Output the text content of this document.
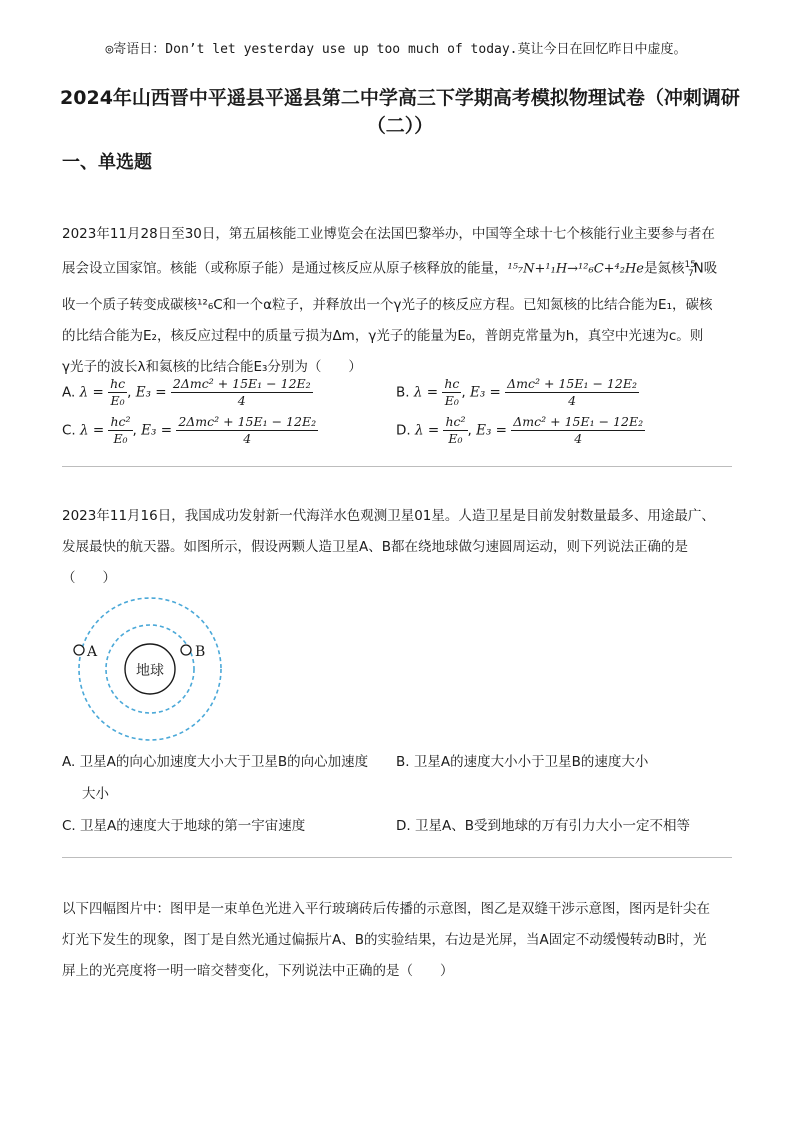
◎寄语日：Don’t let yesterday use up too much of today.莫让今日在回忆昨日中虚度。
2024年山西晋中平遥县平遥县第二中学高三下学期高考模拟物理试卷（冲刺调研（二））
一、单选题
2023年11月28日至30日，第五届核能工业博览会在法国巴黎举办，中国等全球十七个核能行业主要参与者在
展会设立国家馆。核能（或称原子能）是通过核反应从原子核释放的能量，¹⁵₇N+¹₁H→¹²₆C+⁴₂He是氮核$^{15}_7$N吸
收一个质子转变成碳核¹²₆C和一个α粒子，并释放出一个γ光子的核反应方程。已知氮核的比结合能为E₁，碳核
的比结合能为E₂，核反应过程中的质量亏损为Δm，γ光子的能量为E₀，普朗克常量为h，真空中光速为c。则
γ光子的波长λ和氦核的比结合能E₃分别为（　　）
A. $\lambda = \frac{hc}{\text{E₀}}$ , $E_3 = \frac{\text{2Δmc² + 15E₁ − 12E₂}}{4}$	B. $\lambda = \frac{hc}{\text{E₀}}$ , $E_3 = \frac{\text{Δmc² + 15E₁ − 12E₂}}{4}$
C. $\lambda = \frac{\text{hc²}}{\text{E₀}}$ , $E_3 = \frac{\text{2Δmc² + 15E₁ − 12E₂}}{4}$	D. $\lambda = \frac{\text{hc²}}{\text{E₀}}$ , $E_3 = \frac{\text{Δmc² + 15E₁ − 12E₂}}{4}$
2023年11月16日，我国成功发射新一代海洋水色观测卫星01星。人造卫星是目前发射数量最多、用途最广、
发展最快的航天器。如图所示，假设两颗人造卫星A、B都在绕地球做匀速圆周运动，则下列说法正确的是
（　　）
地球
A	B
A. 卫星A的向心加速度大小大于卫星B的向心加速度
大小
B. 卫星A的速度大小小于卫星B的速度大小
C. 卫星A的速度大于地球的第一宇宙速度	D. 卫星A、B受到地球的万有引力大小一定不相等
以下四幅图片中：图甲是一束单色光进入平行玻璃砖后传播的示意图，图乙是双缝干涉示意图，图丙是针尖在
灯光下发生的现象，图丁是自然光通过偏振片A、B的实验结果，右边是光屏，当A固定不动缓慢转动B时，光
屏上的光亮度将一明一暗交替变化，下列说法中正确的是（　　）
